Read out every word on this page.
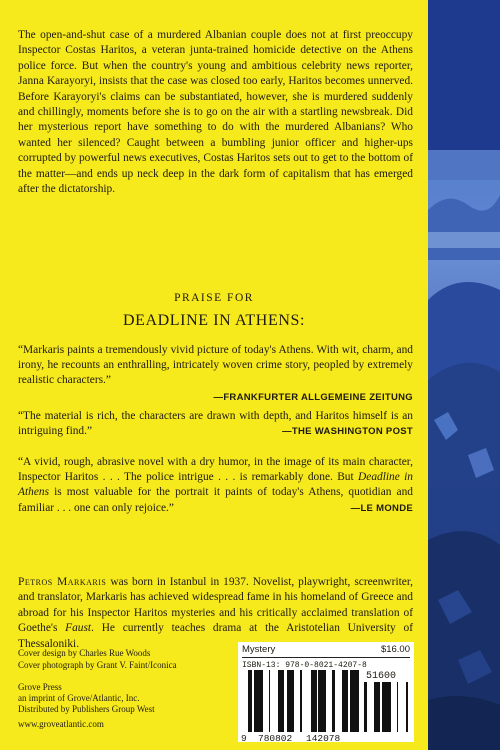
The open-and-shut case of a murdered Albanian couple does not at first preoccupy Inspector Costas Haritos, a veteran junta-trained homicide detective on the Athens police force. But when the country's young and ambitious celebrity news reporter, Janna Karayoryi, insists that the case was closed too early, Haritos becomes unnerved. Before Karayoryi's claims can be substantiated, however, she is murdered suddenly and chillingly, moments before she is to go on the air with a startling newsbreak. Did her mysterious report have something to do with the murdered Albanians? Who wanted her silenced? Caught between a bumbling junior officer and higher-ups corrupted by powerful news executives, Costas Haritos sets out to get to the bottom of the matter—and ends up neck deep in the dark form of capitalism that has emerged after the dictatorship.
PRAISE FOR
DEADLINE IN ATHENS:
“Markaris paints a tremendously vivid picture of today's Athens. With wit, charm, and irony, he recounts an enthralling, intricately woven crime story, peopled by extremely realistic characters.”
—FRANKFURTER ALLGEMEINE ZEITUNG
“The material is rich, the characters are drawn with depth, and Haritos himself is an intriguing find.”	—THE WASHINGTON POST
“A vivid, rough, abrasive novel with a dry humor, in the image of its main character, Inspector Haritos . . . The police intrigue . . . is remarkably done. But Deadline in Athens is most valuable for the portrait it paints of today's Athens, quotidian and familiar . . . one can only rejoice.”	—LE MONDE
Petros Markaris was born in Istanbul in 1937. Novelist, playwright, screenwriter, and translator, Markaris has achieved widespread fame in his homeland of Greece and abroad for his Inspector Haritos mysteries and his critically acclaimed translation of Goethe's Faust. He currently teaches drama at the Aristotelian University of Thessaloniki.
Cover design by Charles Rue Woods
Cover photograph by Grant V. Faint/Iconica
Grove Press
an imprint of Grove/Atlantic, Inc.
Distributed by Publishers Group West
www.groveatlantic.com
Mystery	$16.00
ISBN-13: 978-0-8021-4207-8
51600
9 780802 142078
